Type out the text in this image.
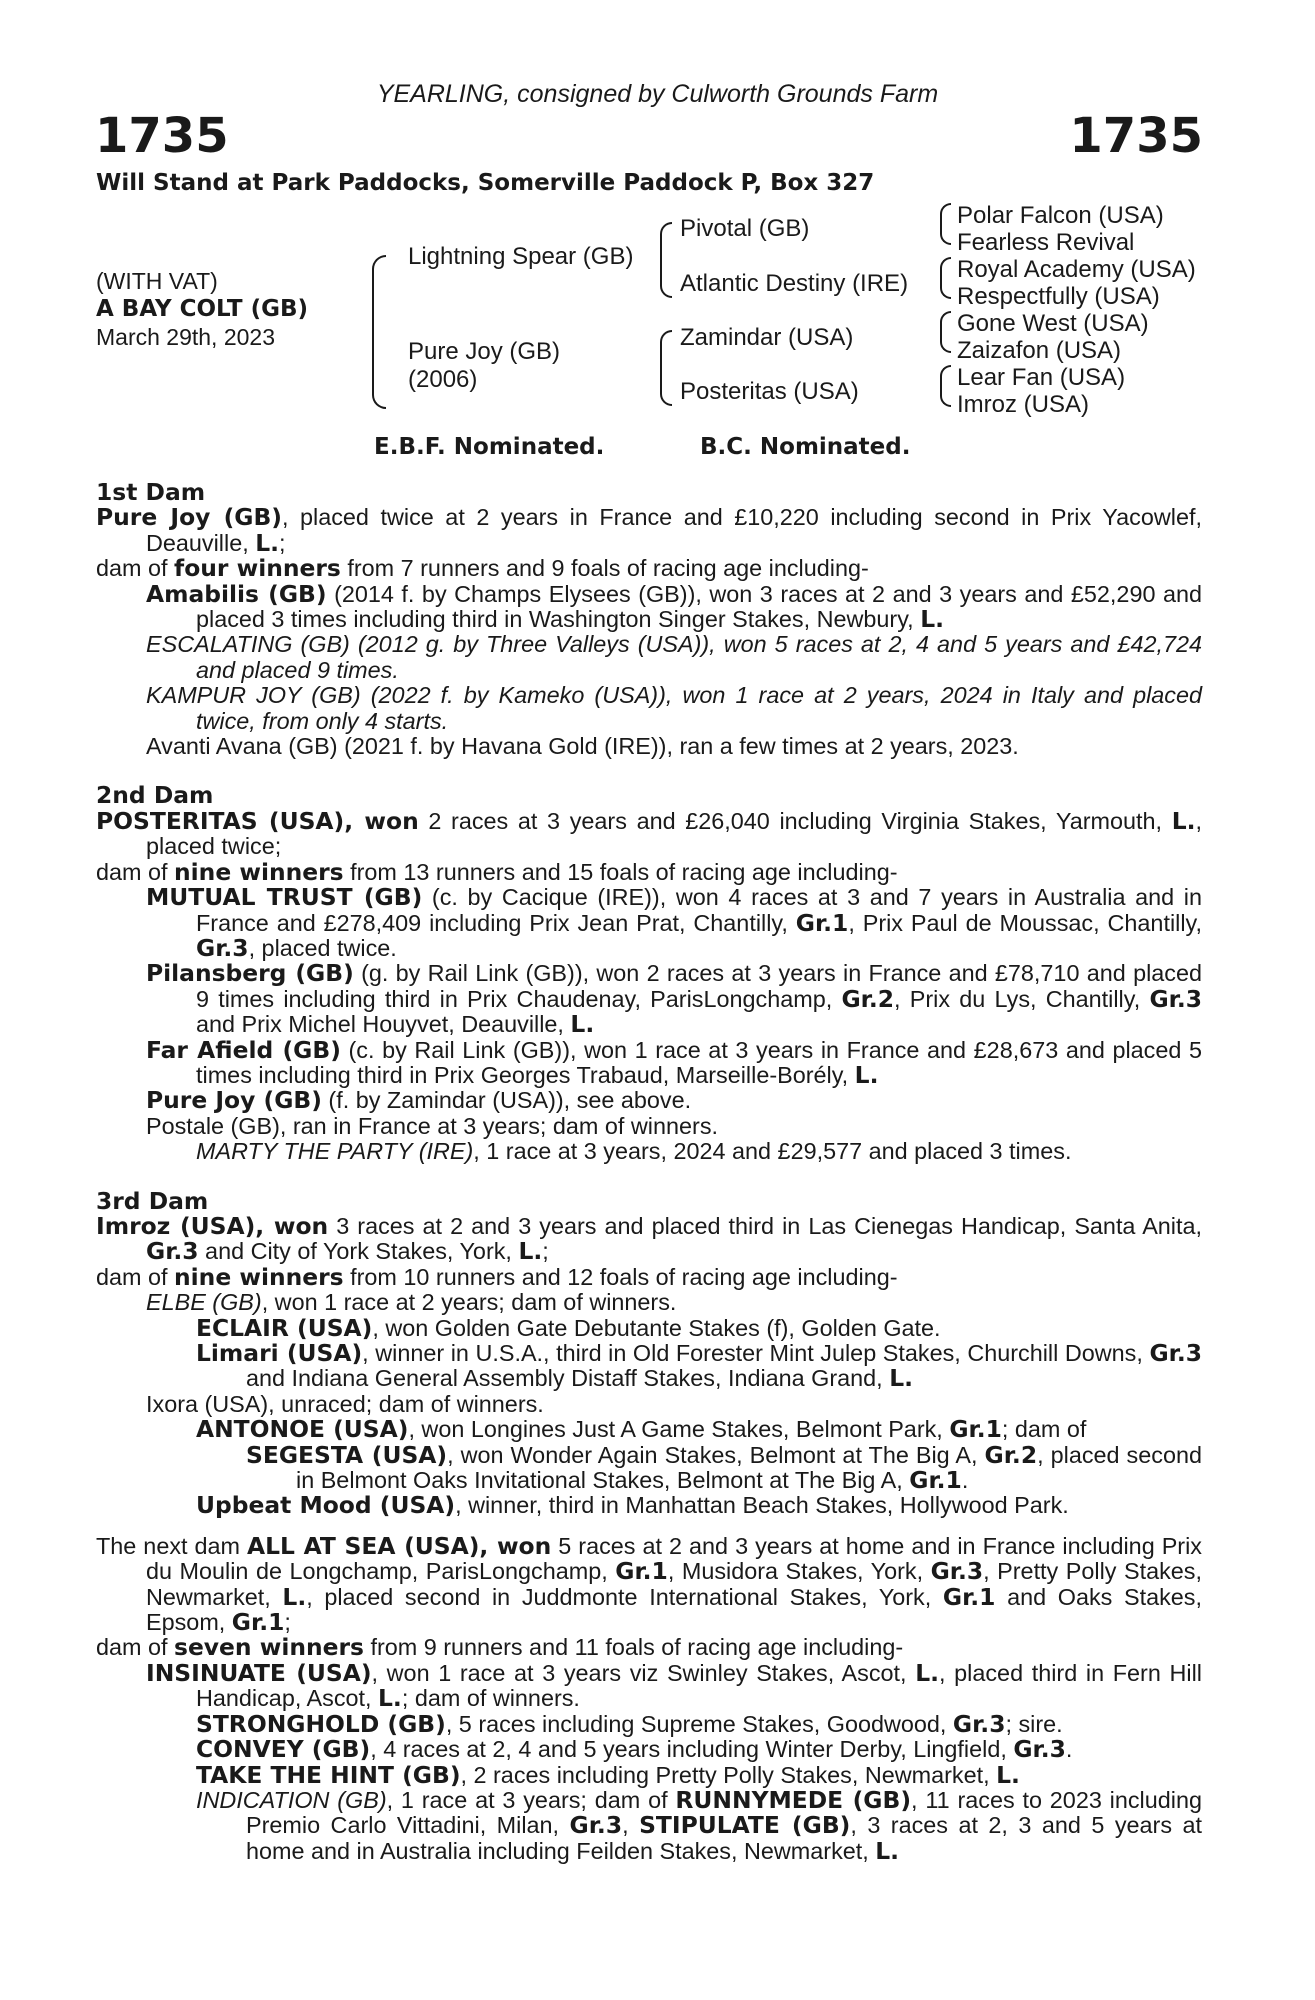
YEARLING, consigned by Culworth Grounds Farm
1735	1735
Will Stand at Park Paddocks, Somerville Paddock P, Box 327
(WITH VAT)
A BAY COLT (GB)
March 29th, 2023
Lightning Spear (GB)
Pure Joy (GB)
(2006)
Pivotal (GB)
Atlantic Destiny (IRE)
Zamindar (USA)
Posteritas (USA)
Polar Falcon (USA)
Fearless Revival
Royal Academy (USA)
Respectfully (USA)
Gone West (USA)
Zaizafon (USA)
Lear Fan (USA)
Imroz (USA)
E.B.F. Nominated.	B.C. Nominated.
1st Dam

Pure Joy (GB), placed twice at 2 years in France and £10,220 including second in Prix Yacowlef, Deauville, L.;

dam of four winners from 7 runners and 9 foals of racing age including-

Amabilis (GB) (2014 f. by Champs Elysees (GB)), won 3 races at 2 and 3 years and £52,290 and placed 3 times including third in Washington Singer Stakes, Newbury, L.

ESCALATING (GB) (2012 g. by Three Valleys (USA)), won 5 races at 2, 4 and 5 years and £42,724 and placed 9 times.

KAMPUR JOY (GB) (2022 f. by Kameko (USA)), won 1 race at 2 years, 2024 in Italy and placed twice, from only 4 starts.

Avanti Avana (GB) (2021 f. by Havana Gold (IRE)), ran a few times at 2 years, 2023.

2nd Dam

POSTERITAS (USA), won 2 races at 3 years and £26,040 including Virginia Stakes, Yarmouth, L., placed twice;

dam of nine winners from 13 runners and 15 foals of racing age including-

MUTUAL TRUST (GB) (c. by Cacique (IRE)), won 4 races at 3 and 7 years in Australia and in France and £278,409 including Prix Jean Prat, Chantilly, Gr.1, Prix Paul de Moussac, Chantilly, Gr.3, placed twice.

Pilansberg (GB) (g. by Rail Link (GB)), won 2 races at 3 years in France and £78,710 and placed 9 times including third in Prix Chaudenay, ParisLongchamp, Gr.2, Prix du Lys, Chantilly, Gr.3 and Prix Michel Houyvet, Deauville, L.

Far Afield (GB) (c. by Rail Link (GB)), won 1 race at 3 years in France and £28,673 and placed 5 times including third in Prix Georges Trabaud, Marseille-Borély, L.

Pure Joy (GB) (f. by Zamindar (USA)), see above.

Postale (GB), ran in France at 3 years; dam of winners.

MARTY THE PARTY (IRE), 1 race at 3 years, 2024 and £29,577 and placed 3 times.

3rd Dam

Imroz (USA), won 3 races at 2 and 3 years and placed third in Las Cienegas Handicap, Santa Anita, Gr.3 and City of York Stakes, York, L.;

dam of nine winners from 10 runners and 12 foals of racing age including-

ELBE (GB), won 1 race at 2 years; dam of winners.

ECLAIR (USA), won Golden Gate Debutante Stakes (f), Golden Gate.

Limari (USA), winner in U.S.A., third in Old Forester Mint Julep Stakes, Churchill Downs, Gr.3 and Indiana General Assembly Distaff Stakes, Indiana Grand, L.

Ixora (USA), unraced; dam of winners.

ANTONOE (USA), won Longines Just A Game Stakes, Belmont Park, Gr.1; dam of

SEGESTA (USA), won Wonder Again Stakes, Belmont at The Big A, Gr.2, placed second in Belmont Oaks Invitational Stakes, Belmont at The Big A, Gr.1.

Upbeat Mood (USA), winner, third in Manhattan Beach Stakes, Hollywood Park.

The next dam ALL AT SEA (USA), won 5 races at 2 and 3 years at home and in France including Prix du Moulin de Longchamp, ParisLongchamp, Gr.1, Musidora Stakes, York, Gr.3, Pretty Polly Stakes, Newmarket, L., placed second in Juddmonte International Stakes, York, Gr.1 and Oaks Stakes, Epsom, Gr.1;

dam of seven winners from 9 runners and 11 foals of racing age including-

INSINUATE (USA), won 1 race at 3 years viz Swinley Stakes, Ascot, L., placed third in Fern Hill Handicap, Ascot, L.; dam of winners.

STRONGHOLD (GB), 5 races including Supreme Stakes, Goodwood, Gr.3; sire.

CONVEY (GB), 4 races at 2, 4 and 5 years including Winter Derby, Lingfield, Gr.3.

TAKE THE HINT (GB), 2 races including Pretty Polly Stakes, Newmarket, L.

INDICATION (GB), 1 race at 3 years; dam of RUNNYMEDE (GB), 11 races to 2023 including Premio Carlo Vittadini, Milan, Gr.3, STIPULATE (GB), 3 races at 2, 3 and 5 years at home and in Australia including Feilden Stakes, Newmarket, L.
